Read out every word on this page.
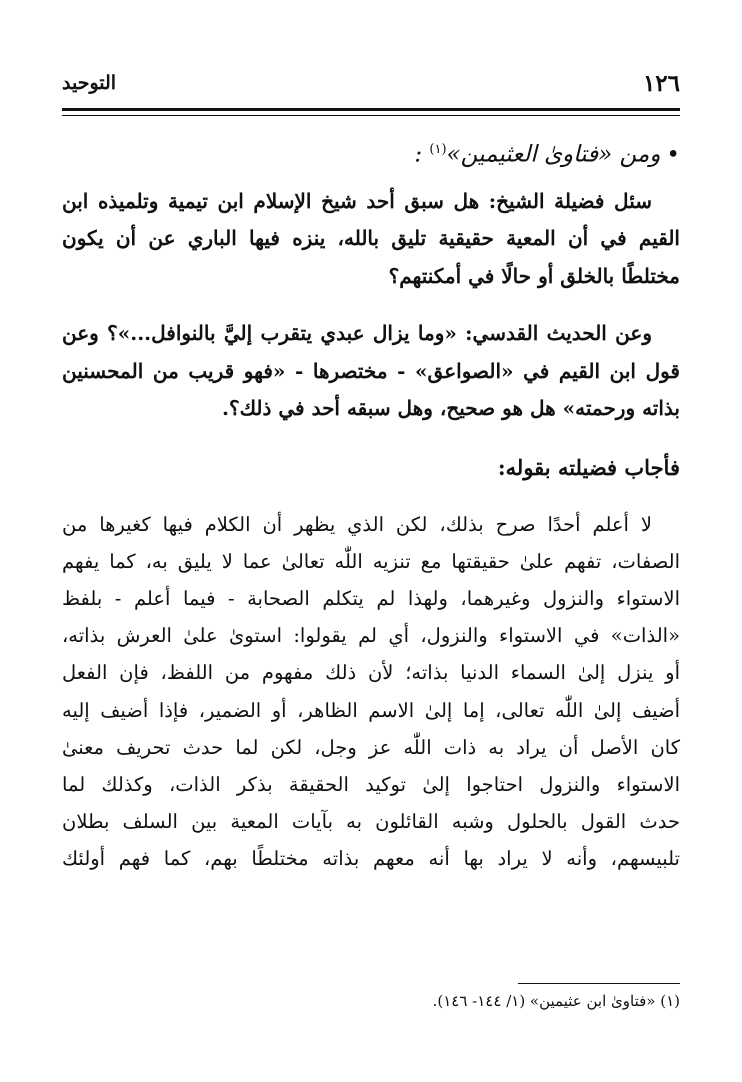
١٢٦
التوحيد
•ومن «فتاوىٰ العثيمين»$^{(١)}$ :

سئل فضيلة الشيخ: هل سبق أحد شيخ الإسلام ابن تيمية وتلميذه ابن القيم في أن المعية حقيقية تليق بالله، ينزه فيها الباري عن أن يكون مختلطًا بالخلق أو حالًا في أمكنتهم؟

وعن الحديث القدسي: «وما يزال عبدي يتقرب إليَّ بالنوافل...»؟ وعن قول ابن القيم في «الصواعق» - مختصرها - «فهو قريب من المحسنين بذاته ورحمته» هل هو صحيح، وهل سبقه أحد في ذلك؟.

فأجاب فضيلته بقوله:
لا أعلم أحدًا صرح بذلك، لكن الذي يظهر أن الكلام فيها كغيرها من
الصفات، تفهم علىٰ حقيقتها مع تنزيه اللّٰه تعالىٰ عما لا يليق به، كما يفهم
الاستواء والنزول وغيرهما، ولهذا لم يتكلم الصحابة - فيما أعلم - بلفظ
«الذات» في الاستواء والنزول، أي لم يقولوا: استوىٰ علىٰ العرش بذاته،
أو ينزل إلىٰ السماء الدنيا بذاته؛ لأن ذلك مفهوم من اللفظ، فإن الفعل
أضيف إلىٰ اللّٰه تعالى، إما إلىٰ الاسم الظاهر، أو الضمير، فإذا أضيف إليه
كان الأصل أن يراد به ذات اللّٰه عز وجل، لكن لما حدث تحريف معنىٰ
الاستواء والنزول احتاجوا إلىٰ توكيد الحقيقة بذكر الذات، وكذلك لما
حدث القول بالحلول وشبه القائلون به بآيات المعية بين السلف بطلان
تلبيسهم، وأنه لا يراد بها أنه معهم بذاته مختلطًا بهم، كما فهم أولئك
(١) «فتاوىٰ ابن عثيمين» (١/ ١٤٤- ١٤٦).
